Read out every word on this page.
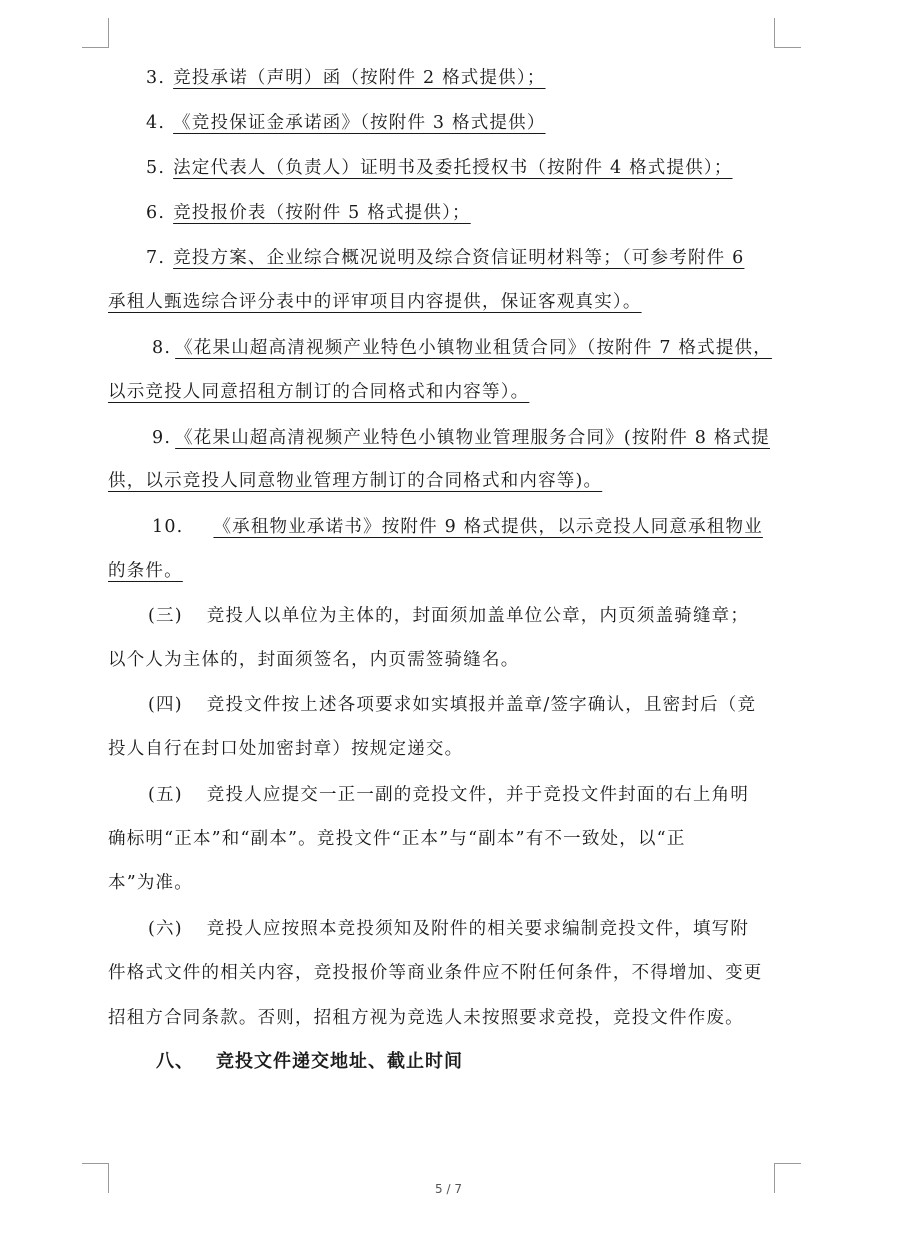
3. 竞投承诺（声明）函（按附件 2 格式提供）；
4. 《竞投保证金承诺函》（按附件 3 格式提供）
5. 法定代表人（负责人）证明书及委托授权书（按附件 4 格式提供）；
6. 竞投报价表（按附件 5 格式提供）；
7. 竞投方案、企业综合概况说明及综合资信证明材料等；（可参考附件 6
承租人甄选综合评分表中的评审项目内容提供，保证客观真实）。
8. 《花果山超高清视频产业特色小镇物业租赁合同》（按附件 7 格式提供，
以示竞投人同意招租方制订的合同格式和内容等）。
9. 《花果山超高清视频产业特色小镇物业管理服务合同》(按附件 8 格式提
供，以示竞投人同意物业管理方制订的合同格式和内容等)。
10. 《承租物业承诺书》按附件 9 格式提供，以示竞投人同意承租物业
的条件。
(三) 竞投人以单位为主体的，封面须加盖单位公章，内页须盖骑缝章；
以个人为主体的，封面须签名，内页需签骑缝名。
(四) 竞投文件按上述各项要求如实填报并盖章/签字确认，且密封后（竞
投人自行在封口处加密封章）按规定递交。
(五) 竞投人应提交一正一副的竞投文件，并于竞投文件封面的右上角明
确标明“正本”和“副本”。竞投文件“正本”与“副本”有不一致处，以“正
本”为准。
(六) 竞投人应按照本竞投须知及附件的相关要求编制竞投文件，填写附
件格式文件的相关内容，竞投报价等商业条件应不附任何条件，不得增加、变更
招租方合同条款。否则，招租方视为竞选人未按照要求竞投，竞投文件作废。
八、 竞投文件递交地址、截止时间
5 / 7
